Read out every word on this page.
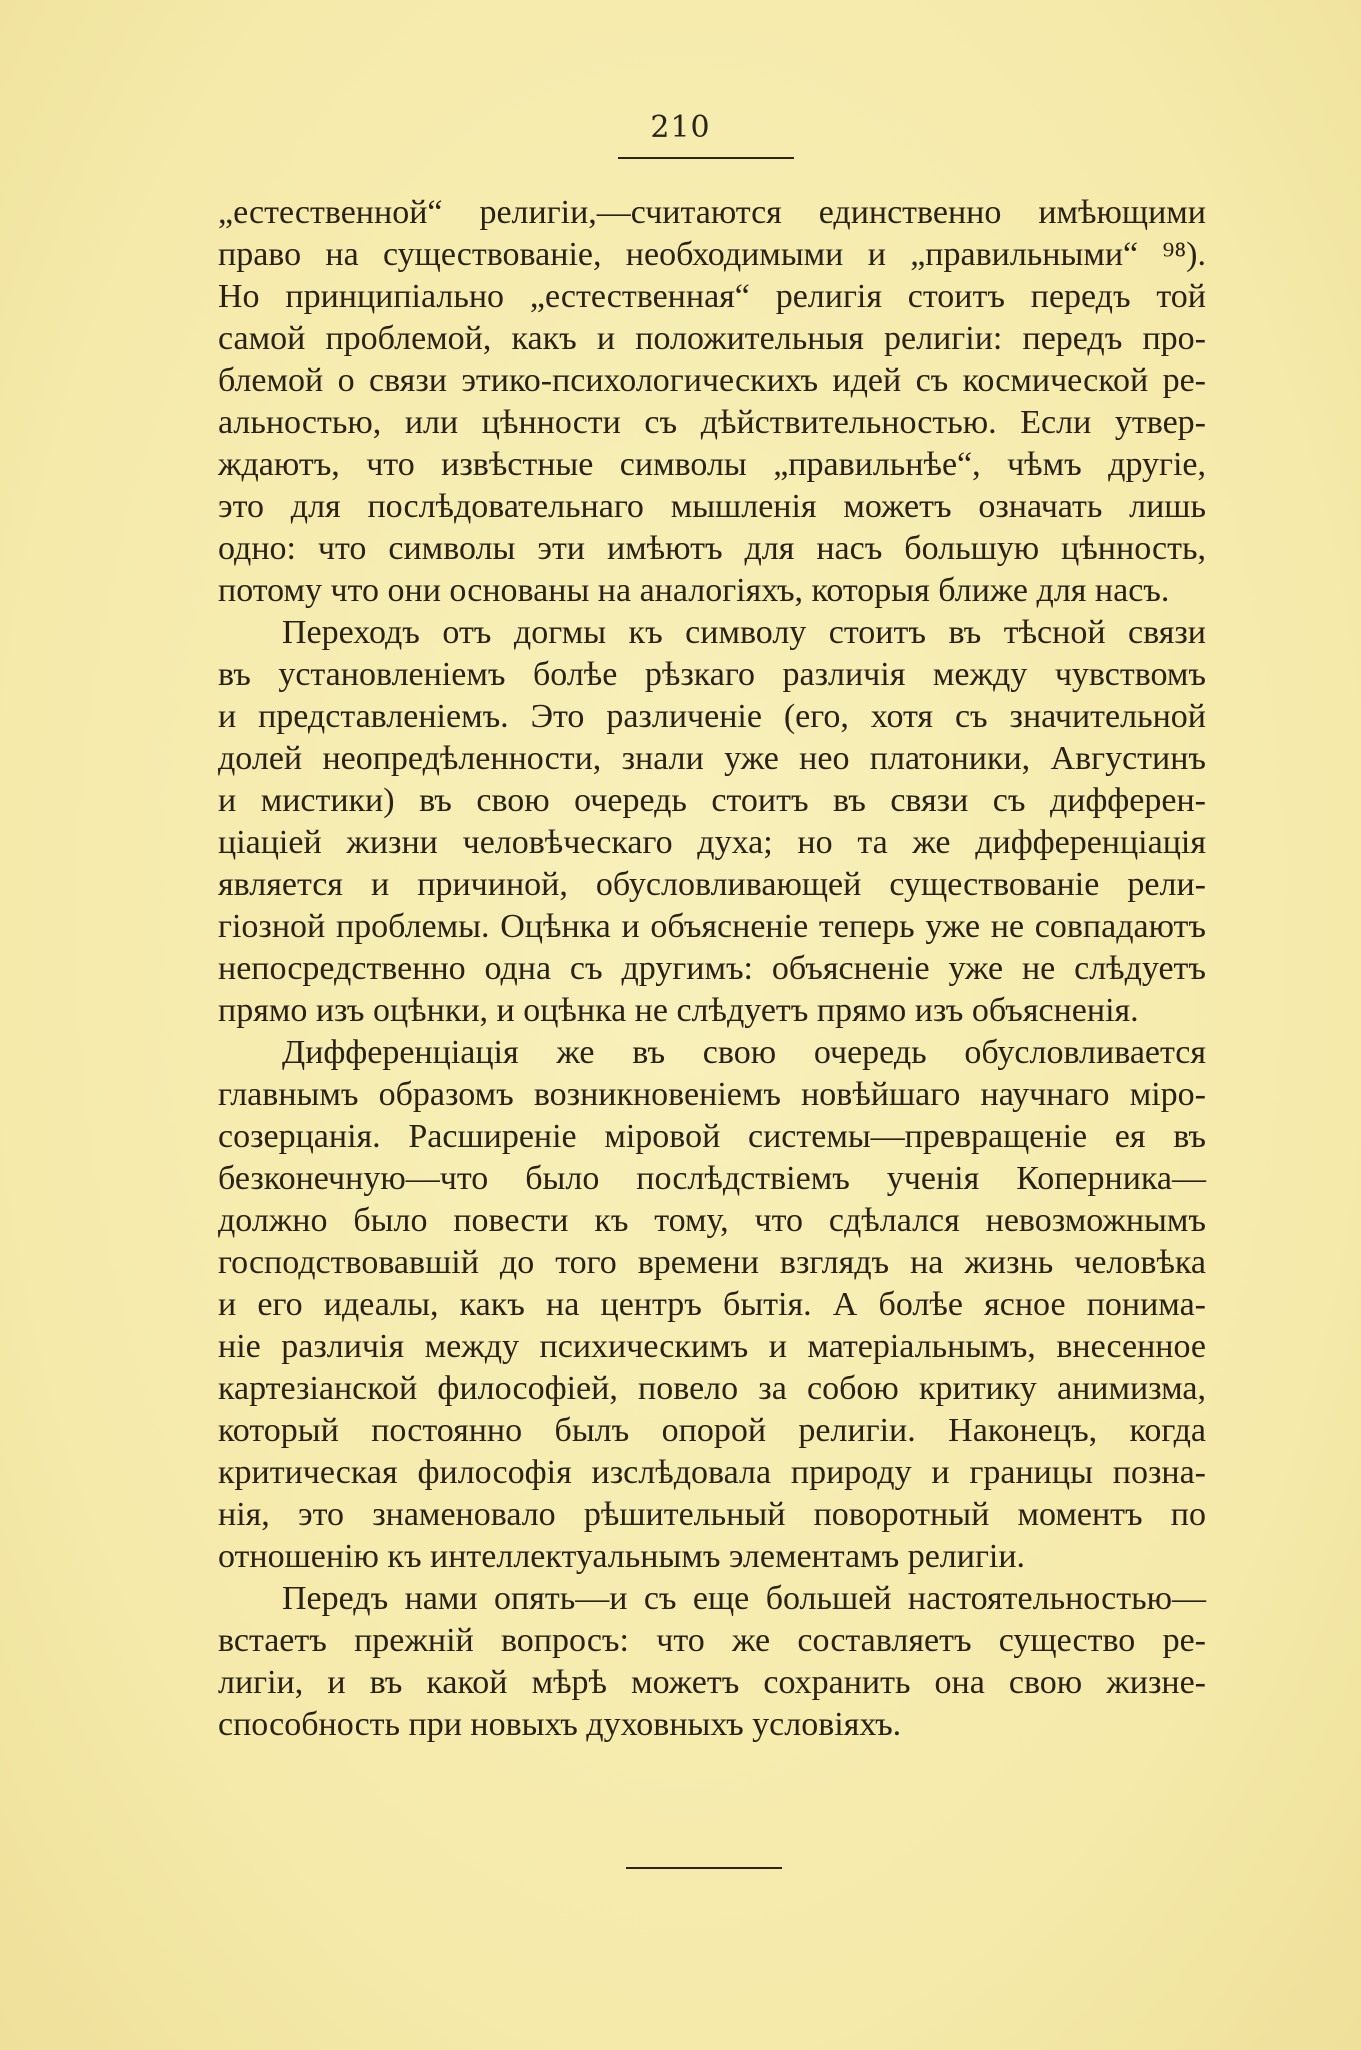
210
„естественной“ религіи,—считаются единственно имѣющими
право на существованіе, необходимыми и „правильными“ ⁹⁸).
Но принципіально „естественная“ религія стоитъ передъ той
самой проблемой, какъ и положительныя религіи: передъ про-
блемой о связи этико-психологическихъ идей съ космической ре-
альностью, или цѣнности съ дѣйствительностью. Если утвер-
ждаютъ, что извѣстные символы „правильнѣе“, чѣмъ другіе,
это для послѣдовательнаго мышленія можетъ означать лишь
одно: что символы эти имѣютъ для насъ большую цѣнность,
потому что они основаны на аналогіяхъ, которыя ближе для насъ.
Переходъ отъ догмы къ символу стоитъ въ тѣсной связи
въ установленіемъ болѣе рѣзкаго различія между чувствомъ
и представленіемъ. Это различеніе (его, хотя съ значительной
долей неопредѣленности, знали уже нео платоники, Августинъ
и мистики) въ свою очередь стоитъ въ связи съ дифферен-
ціаціей жизни человѣческаго духа; но та же дифференціація
является и причиной, обусловливающей существованіе рели-
гіозной проблемы. Оцѣнка и объясненіе теперь уже не совпадаютъ
непосредственно одна съ другимъ: объясненіе уже не слѣдуетъ
прямо изъ оцѣнки, и оцѣнка не слѣдуетъ прямо изъ объясненія.
Дифференціація же въ свою очередь обусловливается
главнымъ образомъ возникновеніемъ новѣйшаго научнаго міро-
созерцанія. Расширеніе міровой системы—превращеніе ея въ
безконечную—что было послѣдствіемъ ученія Коперника—
должно было повести къ тому, что сдѣлался невозможнымъ
господствовавшій до того времени взглядъ на жизнь человѣка
и его идеалы, какъ на центръ бытія. А болѣе ясное понима-
ніе различія между психическимъ и матеріальнымъ, внесенное
картезіанской философіей, повело за собою критику анимизма,
который постоянно былъ опорой религіи. Наконецъ, когда
критическая философія изслѣдовала природу и границы позна-
нія, это знаменовало рѣшительный поворотный моментъ по
отношенію къ интеллектуальнымъ элементамъ религіи.
Передъ нами опять—и съ еще большей настоятельностью—
встаетъ прежній вопросъ: что же составляетъ существо ре-
лигіи, и въ какой мѣрѣ можетъ сохранить она свою жизне-
способность при новыхъ духовныхъ условіяхъ.
